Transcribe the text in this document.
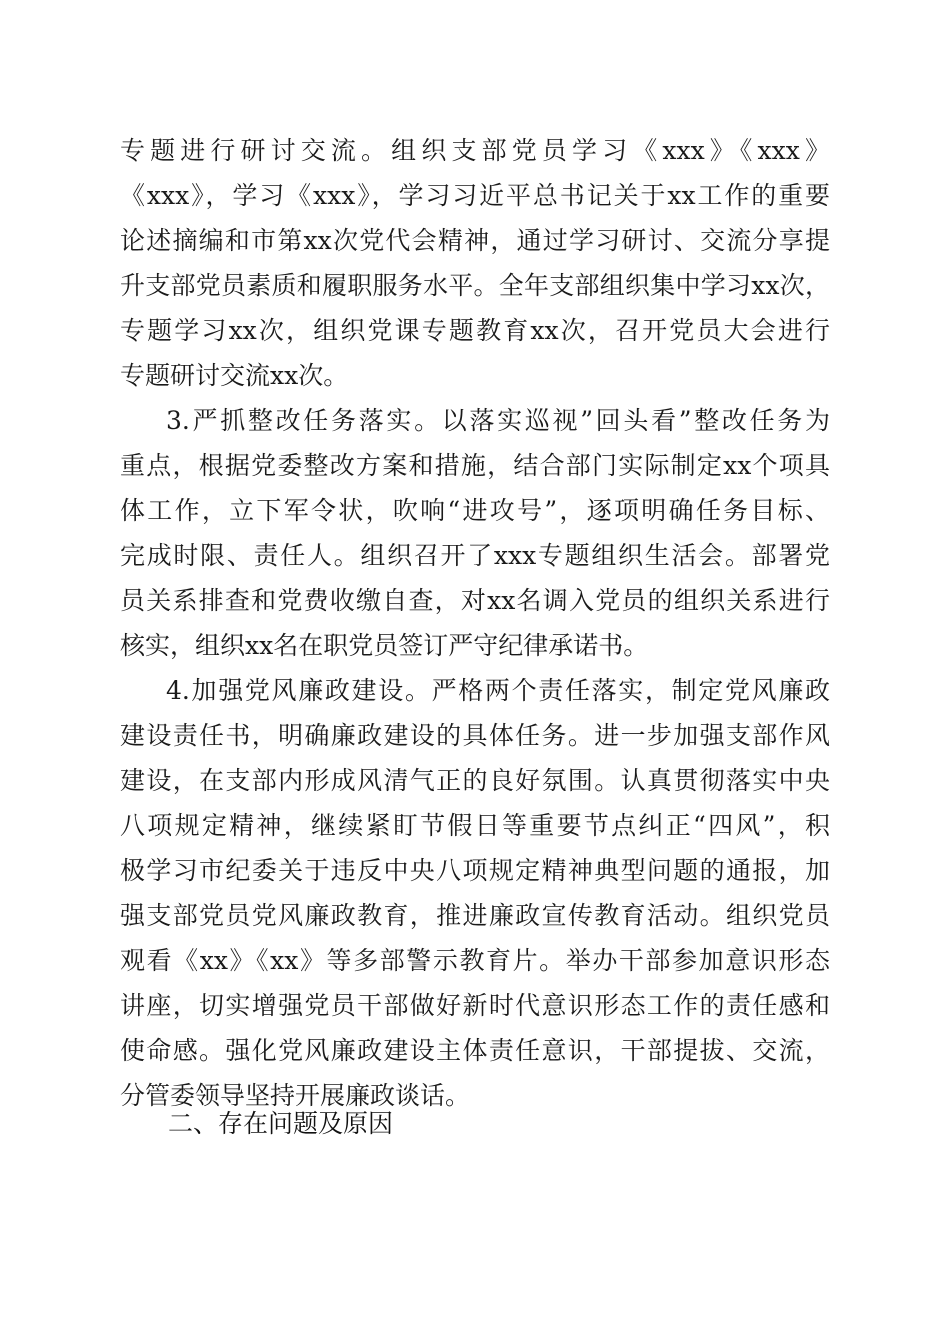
专题进行研讨交流。组织支部党员学习《xxx》《xxx》
《xxx》，学习《xxx》，学习习近平总书记关于xx工作的重要
论述摘编和市第xx次党代会精神，通过学习研讨、交流分享提
升支部党员素质和履职服务水平。全年支部组织集中学习xx次，
专题学习xx次，组织党课专题教育xx次，召开党员大会进行
专题研讨交流xx次。
3.严抓整改任务落实。以落实巡视”回头看”整改任务为
重点，根据党委整改方案和措施，结合部门实际制定xx个项具
体工作，立下军令状，吹响“进攻号”，逐项明确任务目标、
完成时限、责任人。组织召开了xxx专题组织生活会。部署党
员关系排查和党费收缴自查，对xx名调入党员的组织关系进行
核实，组织xx名在职党员签订严守纪律承诺书。
4.加强党风廉政建设。严格两个责任落实，制定党风廉政
建设责任书，明确廉政建设的具体任务。进一步加强支部作风
建设，在支部内形成风清气正的良好氛围。认真贯彻落实中央
八项规定精神，继续紧盯节假日等重要节点纠正“四风”，积
极学习市纪委关于违反中央八项规定精神典型问题的通报，加
强支部党员党风廉政教育，推进廉政宣传教育活动。组织党员
观看《xx》《xx》等多部警示教育片。举办干部参加意识形态
讲座，切实增强党员干部做好新时代意识形态工作的责任感和
使命感。强化党风廉政建设主体责任意识，干部提拔、交流，
分管委领导坚持开展廉政谈话。
二、存在问题及原因
